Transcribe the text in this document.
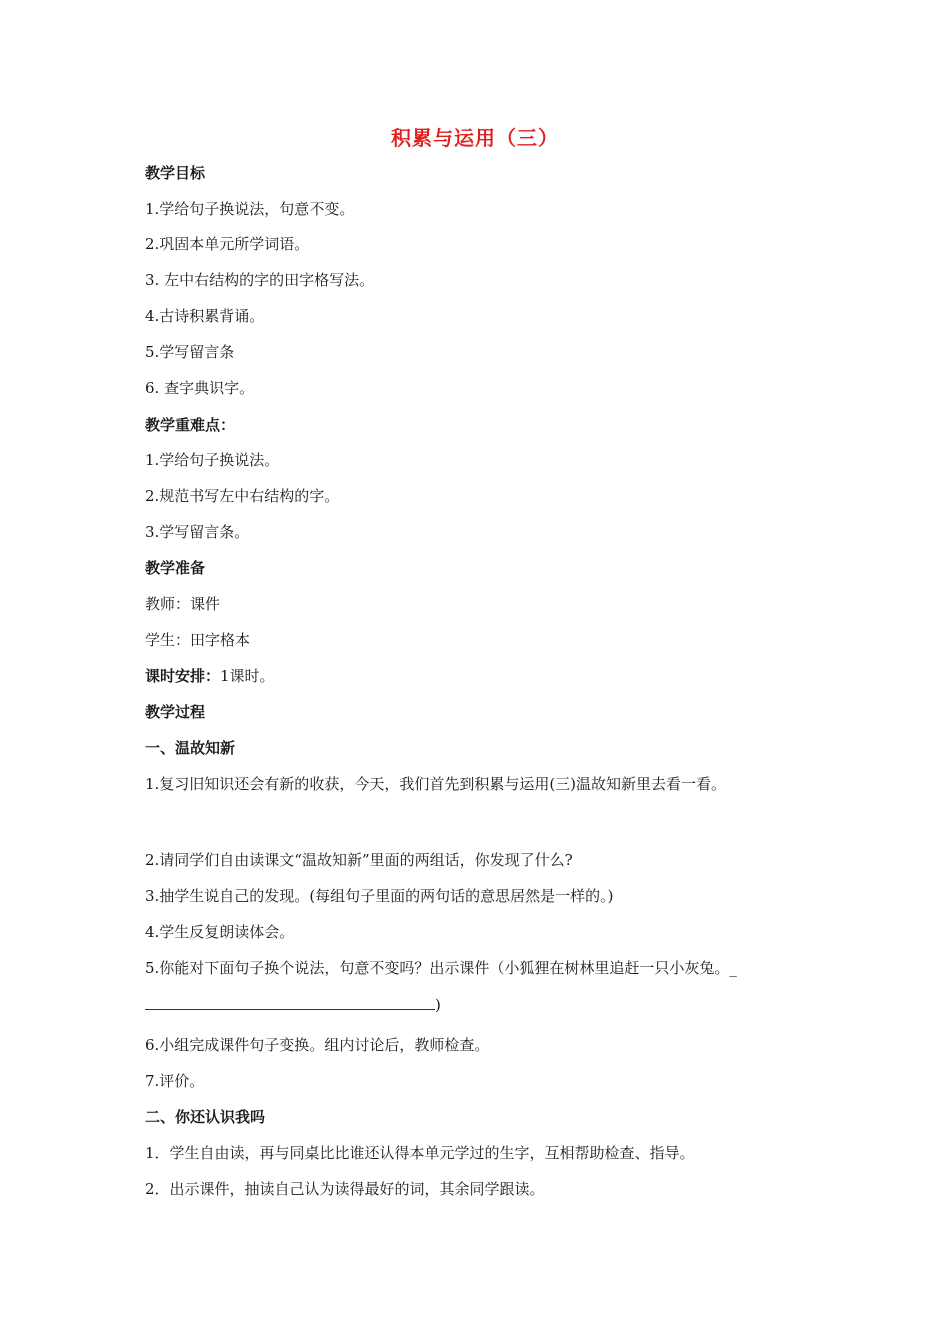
积累与运用（三）
教学目标
1.学给句子换说法，句意不变。
2.巩固本单元所学词语。
3. 左中右结构的字的田字格写法。
4.古诗积累背诵。
5.学写留言条
6. 查字典识字。
教学重难点：
1.学给句子换说法。
2.规范书写左中右结构的字。
3.学写留言条。
教学准备
教师：课件
学生：田字格本
课时安排：1课时。
教学过程
一、温故知新
1.复习旧知识还会有新的收获，今天，我们首先到积累与运用(三)温故知新里去看一看。
2.请同学们自由读课文“温故知新”里面的两组话，你发现了什么?
3.抽学生说自己的发现。(每组句子里面的两句话的意思居然是一样的。)
4.学生反复朗读体会。
5.你能对下面句子换个说法，句意不变吗？出示课件（小狐狸在树林里追赶一只小灰兔。_
)
6.小组完成课件句子变换。组内讨论后，教师检查。
7.评价。
二、你还认识我吗
1．学生自由读，再与同桌比比谁还认得本单元学过的生字，互相帮助检查、指导。
2．出示课件，抽读自己认为读得最好的词，其余同学跟读。
